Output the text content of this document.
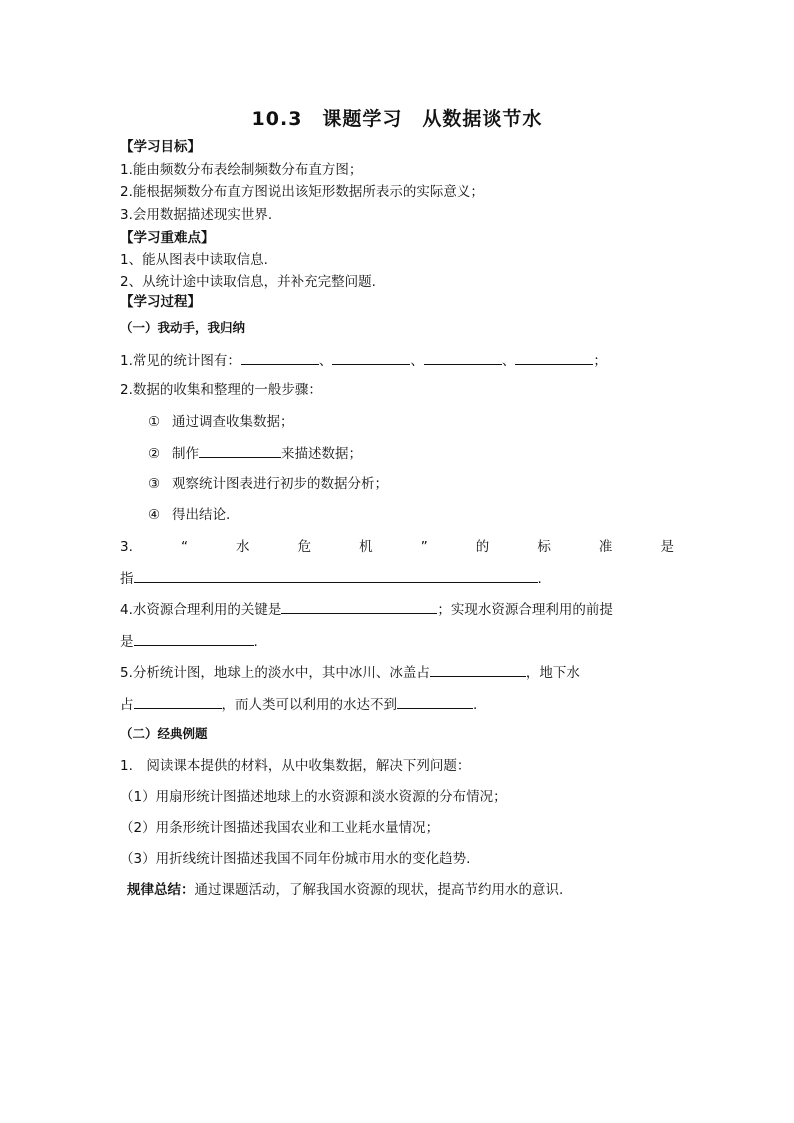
10.3　课题学习　从数据谈节水
【学习目标】
1.能由频数分布表绘制频数分布直方图；
2.能根据频数分布直方图说出该矩形数据所表示的实际意义；
3.会用数据描述现实世界.
【学习重难点】
1、能从图表中读取信息.
2、从统计途中读取信息，并补充完整问题.
【学习过程】
（一）我动手，我归纳
1.常见的统计图有：	、	、	、	；
2.数据的收集和整理的一般步骤：
① 通过调查收集数据；
② 制作	来描述数据；
③ 观察统计图表进行初步的数据分析；
④ 得出结论.
3.	“	水	危	机	”	的	标	准	是
指	.
4.水资源合理利用的关键是	；实现水资源合理利用的前提
是	.
5.分析统计图，地球上的淡水中，其中冰川、冰盖占	，地下水
占	，而人类可以利用的水达不到	.
（二）经典例题
1.　阅读课本提供的材料，从中收集数据，解决下列问题：
（1）用扇形统计图描述地球上的水资源和淡水资源的分布情况；
（2）用条形统计图描述我国农业和工业耗水量情况；
（3）用折线统计图描述我国不同年份城市用水的变化趋势.
规律总结：通过课题活动，了解我国水资源的现状，提高节约用水的意识.
